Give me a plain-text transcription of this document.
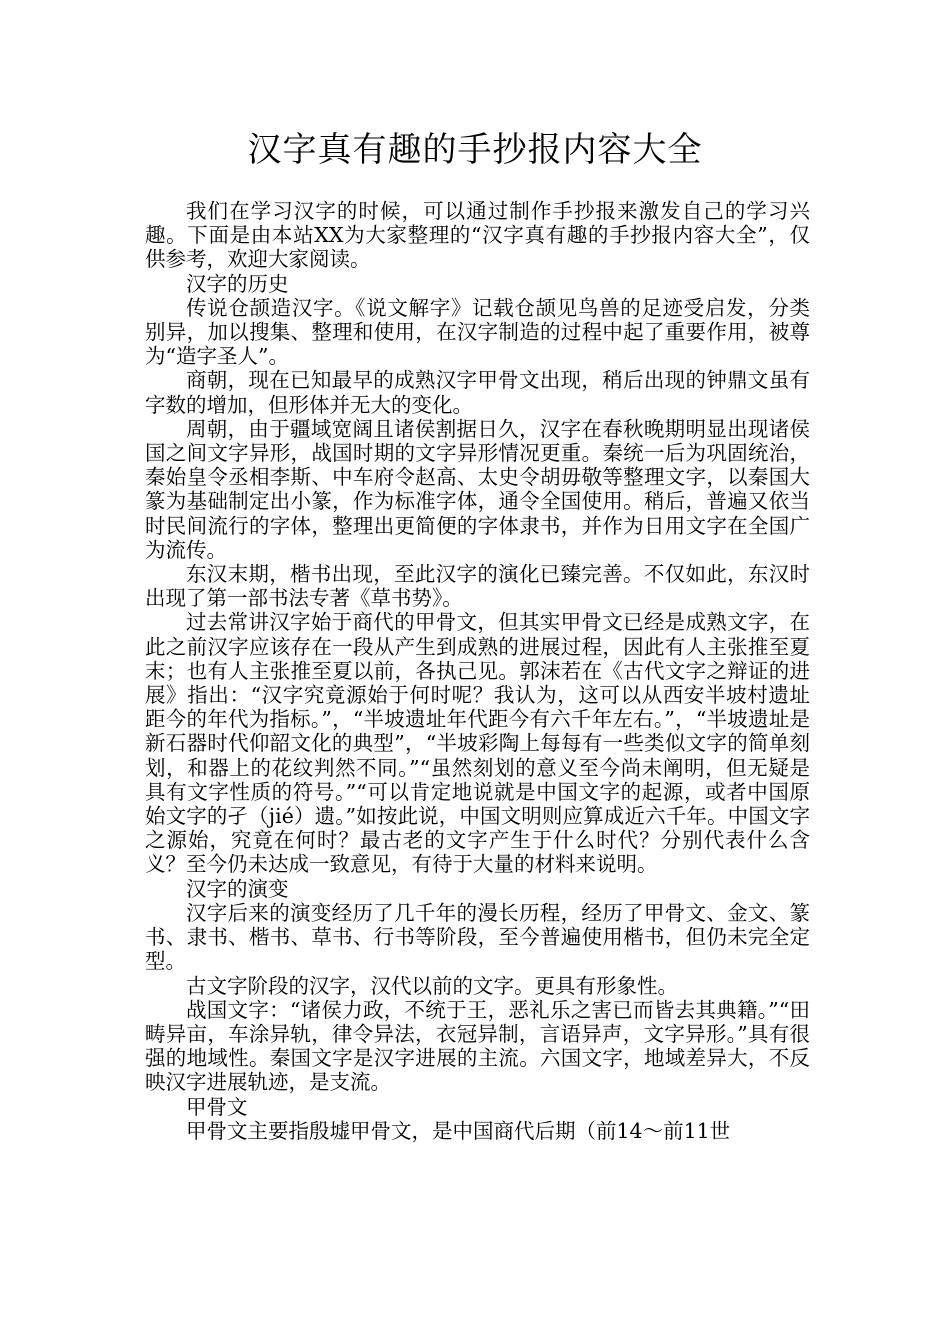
汉字真有趣的手抄报内容大全

我们在学习汉字的时候，可以通过制作手抄报来激发自己的学习兴趣。下面是由本站XX为大家整理的“汉字真有趣的手抄报内容大全”，仅供参考，欢迎大家阅读。

汉字的历史

传说仓颉造汉字。《说文解字》记载仓颉见鸟兽的足迹受启发，分类别异，加以搜集、整理和使用，在汉字制造的过程中起了重要作用，被尊为“造字圣人”。

商朝，现在已知最早的成熟汉字甲骨文出现，稍后出现的钟鼎文虽有字数的增加，但形体并无大的变化。

周朝，由于疆域宽阔且诸侯割据日久，汉字在春秋晚期明显出现诸侯国之间文字异形，战国时期的文字异形情况更重。秦统一后为巩固统治，秦始皇令丞相李斯、中车府令赵高、太史令胡毋敬等整理文字，以秦国大篆为基础制定出小篆，作为标准字体，通令全国使用。稍后，普遍又依当时民间流行的字体，整理出更简便的字体隶书，并作为日用文字在全国广为流传。

东汉末期，楷书出现，至此汉字的演化已臻完善。不仅如此，东汉时出现了第一部书法专著《草书势》。

过去常讲汉字始于商代的甲骨文，但其实甲骨文已经是成熟文字，在此之前汉字应该存在一段从产生到成熟的进展过程，因此有人主张推至夏末；也有人主张推至夏以前，各执己见。郭沫若在《古代文字之辩证的进展》指出：“汉字究竟源始于何时呢？我认为，这可以从西安半坡村遗址距今的年代为指标。”，“半坡遗址年代距今有六千年左右。”，“半坡遗址是新石器时代仰韶文化的典型”，“半坡彩陶上每每有一些类似文字的简单刻划，和器上的花纹判然不同。”“虽然刻划的意义至今尚未阐明，但无疑是具有文字性质的符号。”“可以肯定地说就是中国文字的起源，或者中国原始文字的孑（jié）遗。”如按此说，中国文明则应算成近六千年。中国文字之源始，究竟在何时？最古老的文字产生于什么时代？分别代表什么含义？至今仍未达成一致意见，有待于大量的材料来说明。

汉字的演变

汉字后来的演变经历了几千年的漫长历程，经历了甲骨文、金文、篆书、隶书、楷书、草书、行书等阶段，至今普遍使用楷书，但仍未完全定型。

古文字阶段的汉字，汉代以前的文字。更具有形象性。

战国文字：“诸侯力政，不统于王，恶礼乐之害已而皆去其典籍。”“田畴异亩，车涂异轨，律令异法，衣冠异制，言语异声，文字异形。”具有很强的地域性。秦国文字是汉字进展的主流。六国文字，地域差异大，不反映汉字进展轨迹，是支流。

甲骨文

甲骨文主要指殷墟甲骨文，是中国商代后期（前14～前11世
